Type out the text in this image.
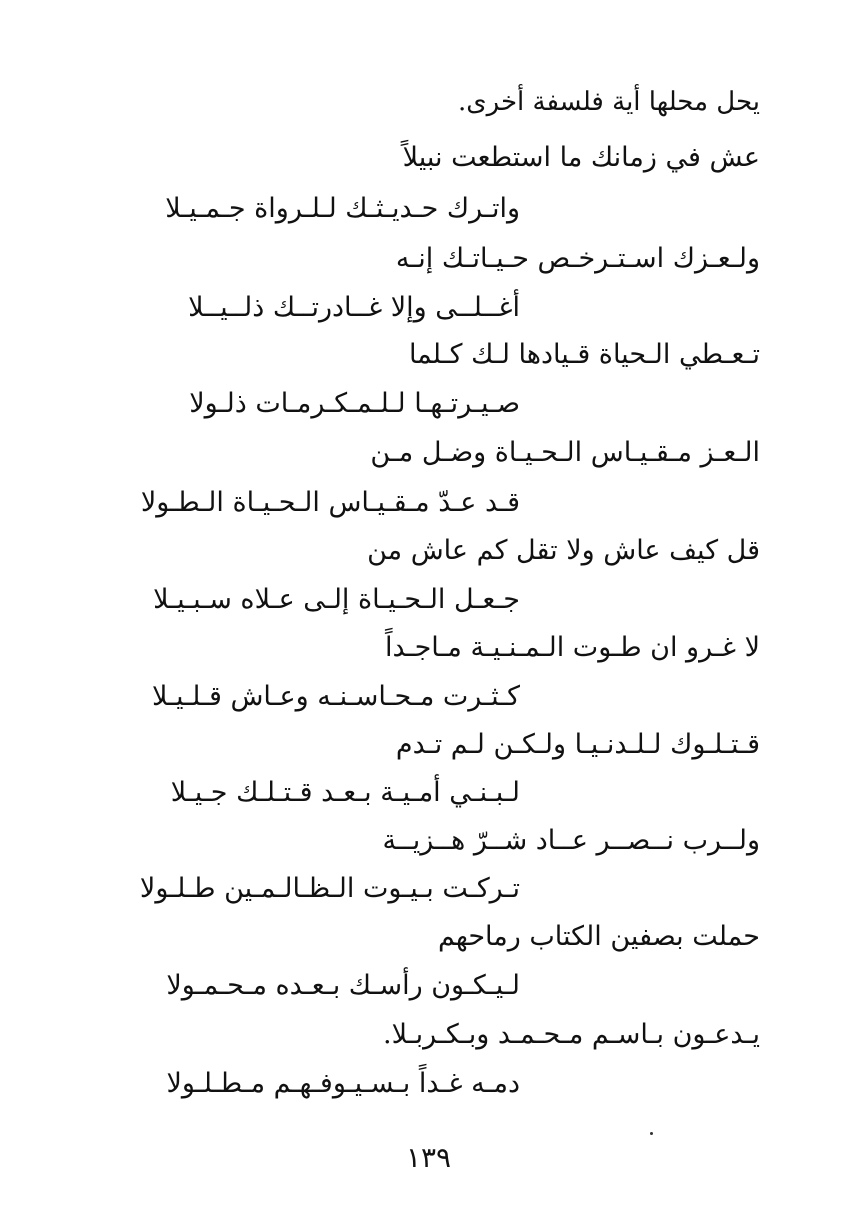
يحل محلها أية فلسفة أخرى.
عش في زمانك ما استطعت نبيلاً
واتـرك حـديـثـك لـلـرواة جـمـيـلا
ولـعـزك اسـتـرخـص حـيـاتـك إنـه
أغــلــى وإلا غــادرتــك ذلــيــلا
تـعـطي الـحياة قـيادها لـك كـلما
صـيـرتـهـا لـلـمـكـرمـات ذلـولا
الـعـز مـقـيـاس الـحـيـاة وضـل مـن
قـد عـدّ مـقـيـاس الـحـيـاة الـطـولا
قل كيف عاش ولا تقل كم عاش من
جـعـل الـحـيـاة إلـى عـلاه سـبـيـلا
لا غـرو ان طـوت الـمـنـيـة مـاجـداً
كـثـرت مـحـاسـنـه وعـاش قـلـيـلا
قـتـلـوك لـلـدنـيـا ولـكـن لـم تـدم
لـبـنـي أمـيـة بـعـد قـتـلـك جـيـلا
ولــرب نــصــر عــاد شــرّ هــزيــة
تـركـت بـيـوت الـظـالـمـين طـلـولا
حملت بصفين الكتاب رماحهم
لـيـكـون رأسـك بـعـده مـحـمـولا
يـدعـون بـاسـم مـحـمـد وبـكـربـلا.
دمـه غـداً بـسـيـوفـهـم مـطـلـولا
١٣٩
